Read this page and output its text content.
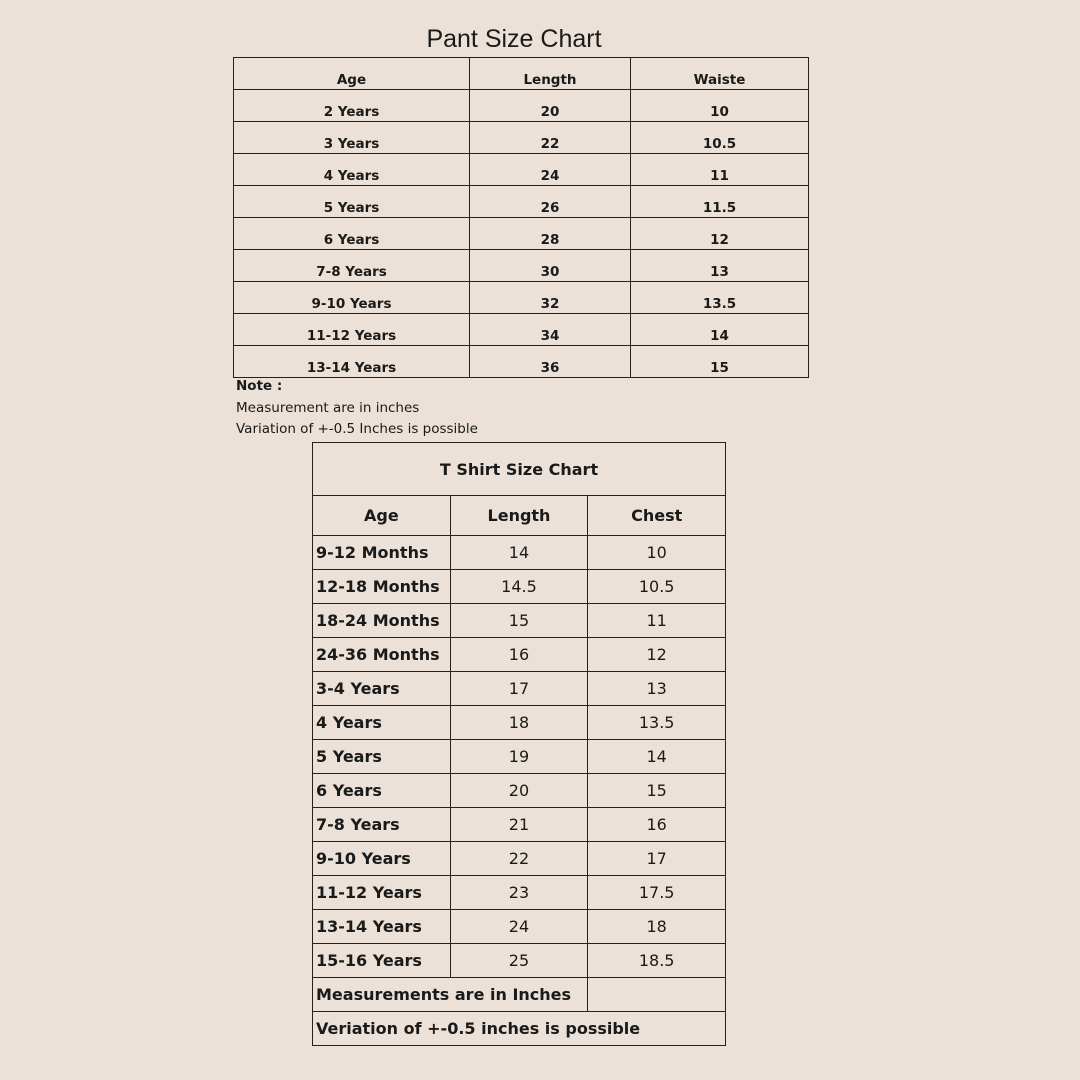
Pant Size Chart
Age	Length	Waiste
2 Years	20	10
3 Years	22	10.5
4 Years	24	11
5 Years	26	11.5
6 Years	28	12
7-8 Years	30	13
9-10 Years	32	13.5
11-12 Years	34	14
13-14 Years	36	15
Note :
Measurement are in inches
Variation of +-0.5 Inches is possible
T Shirt Size Chart		
Age	Length	Chest
9-12 Months	14	10
12-18 Months	14.5	10.5
18-24 Months	15	11
24-36 Months	16	12
3-4 Years	17	13
4 Years	18	13.5
5 Years	19	14
6 Years	20	15
7-8 Years	21	16
9-10 Years	22	17
11-12 Years	23	17.5
13-14 Years	24	18
15-16 Years	25	18.5
Measurements are in Inches		
Veriation of +-0.5 inches is possible		
